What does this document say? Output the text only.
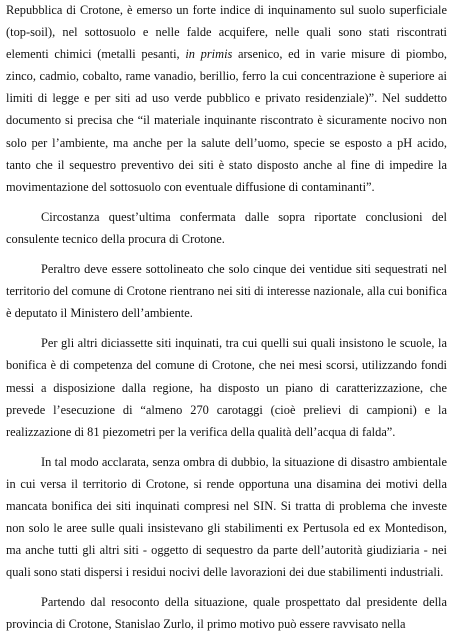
Repubblica di Crotone, è emerso un forte indice di inquinamento sul suolo superficiale (top-soil), nel sottosuolo e nelle falde acquifere, nelle quali sono stati riscontrati elementi chimici (metalli pesanti, in primis arsenico, ed in varie misure di piombo, zinco, cadmio, cobalto, rame vanadio, berillio, ferro la cui concentrazione è superiore ai limiti di legge e per siti ad uso verde pubblico e privato residenziale)”. Nel suddetto documento si precisa che “il materiale inquinante riscontrato è sicuramente nocivo non solo per l’ambiente, ma anche per la salute dell’uomo, specie se esposto a pH acido, tanto che il sequestro preventivo dei siti è stato disposto anche al fine di impedire la movimentazione del sottosuolo con eventuale diffusione di contaminanti”.

Circostanza quest’ultima confermata dalle sopra riportate conclusioni del consulente tecnico della procura di Crotone.

Peraltro deve essere sottolineato che solo cinque dei ventidue siti sequestrati nel territorio del comune di Crotone rientrano nei siti di interesse nazionale, alla cui bonifica è deputato il Ministero dell’ambiente.

Per gli altri diciassette siti inquinati, tra cui quelli sui quali insistono le scuole, la bonifica è di competenza del comune di Crotone, che nei mesi scorsi, utilizzando fondi messi a disposizione dalla regione, ha disposto un piano di caratterizzazione, che prevede l’esecuzione di “almeno 270 carotaggi (cioè prelievi di campioni) e la realizzazione di 81 piezometri per la verifica della qualità dell’acqua di falda”.

In tal modo acclarata, senza ombra di dubbio, la situazione di disastro ambientale in cui versa il territorio di Crotone, si rende opportuna una disamina dei motivi della mancata bonifica dei siti inquinati compresi nel SIN. Si tratta di problema che investe non solo le aree sulle quali insistevano gli stabilimenti ex Pertusola ed ex Montedison, ma anche tutti gli altri siti - oggetto di sequestro da parte dell’autorità giudiziaria - nei quali sono stati dispersi i residui nocivi delle lavorazioni dei due stabilimenti industriali.

Partendo dal resoconto della situazione, quale prospettato dal presidente della provincia di Crotone, Stanislao Zurlo, il primo motivo può essere ravvisato nella
